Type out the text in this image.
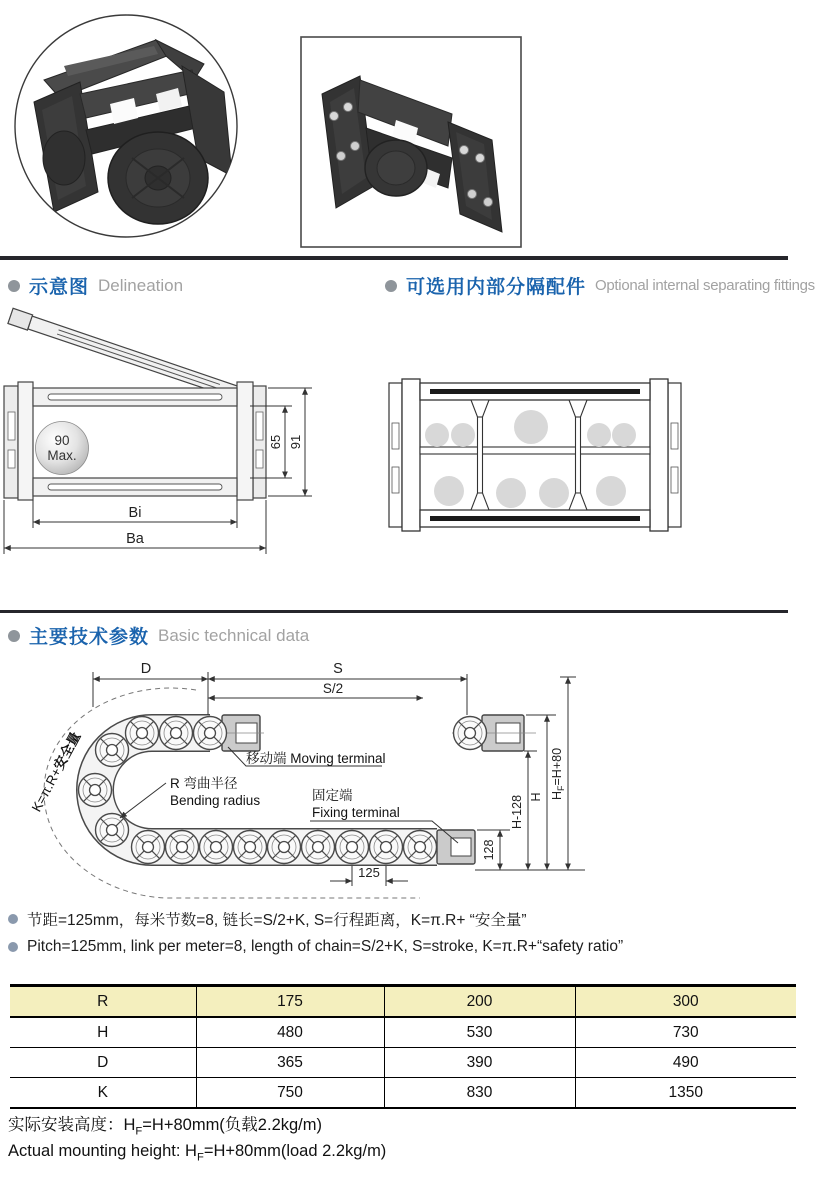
示意图 Delineation	可选用内部分隔配件 Optional internal separating fittings
90
Max.
65 91
Bi
Ba
主要技术参数 Basic technical data
D	S
S/2
K=π.R+安全量	移动端 Moving terminal
R 弯曲半径
Bending radius	固定端
Fixing terminal
125
128
H-128 H $H_F=H+80$
节距=125mm，每米节数=8, 链长=S/2+K, S=行程距离，K=π.R+ “安全量”
Pitch=125mm, link per meter=8, length of chain=S/2+K, S=stroke, K=π.R+“safety ratio”
R	175	200	300
H	480	530	730
D	365	390	490
K	750	830	1350
实际安装高度：$H_F=H+80mm$(负载2.2kg/m)
Actual mounting height: $H_F=H+80mm(load$ 2.2kg/m)
